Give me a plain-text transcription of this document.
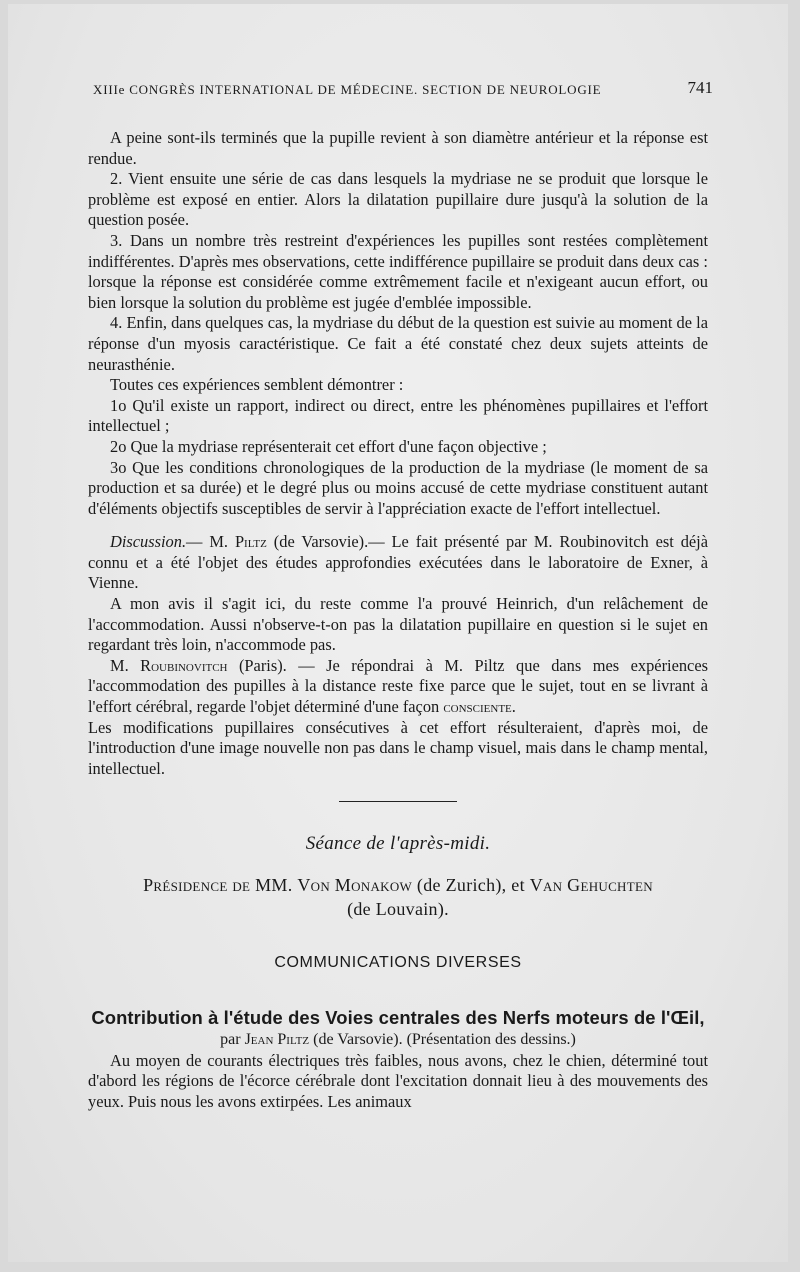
XIIIe CONGRÈS INTERNATIONAL DE MÉDECINE. SECTION DE NEUROLOGIE	741

A peine sont-ils terminés que la pupille revient à son diamètre antérieur et la réponse est rendue.

2. Vient ensuite une série de cas dans lesquels la mydriase ne se produit que lorsque le problème est exposé en entier. Alors la dilatation pupillaire dure jusqu'à la solution de la question posée.

3. Dans un nombre très restreint d'expériences les pupilles sont restées complètement indifférentes. D'après mes observations, cette indifférence pupillaire se produit dans deux cas : lorsque la réponse est considérée comme extrêmement facile et n'exigeant aucun effort, ou bien lorsque la solution du problème est jugée d'emblée impossible.

4. Enfin, dans quelques cas, la mydriase du début de la question est suivie au moment de la réponse d'un myosis caractéristique. Ce fait a été constaté chez deux sujets atteints de neurasthénie.

Toutes ces expériences semblent démontrer :

1o Qu'il existe un rapport, indirect ou direct, entre les phénomènes pupillaires et l'effort intellectuel ;

2o Que la mydriase représenterait cet effort d'une façon objective ;

3o Que les conditions chronologiques de la production de la mydriase (le moment de sa production et sa durée) et le degré plus ou moins accusé de cette mydriase constituent autant d'éléments objectifs susceptibles de servir à l'appréciation exacte de l'effort intellectuel.

Discussion.— M. Piltz (de Varsovie).— Le fait présenté par M. Roubinovitch est déjà connu et a été l'objet des études approfondies exécutées dans le laboratoire de Exner, à Vienne.

A mon avis il s'agit ici, du reste comme l'a prouvé Heinrich, d'un relâchement de l'accommodation. Aussi n'observe-t-on pas la dilatation pupillaire en question si le sujet en regardant très loin, n'accommode pas.

M. Roubinovitch (Paris). — Je répondrai à M. Piltz que dans mes expériences l'accommodation des pupilles à la distance reste fixe parce que le sujet, tout en se livrant à l'effort cérébral, regarde l'objet déterminé d'une façon consciente.

Les modifications pupillaires consécutives à cet effort résulteraient, d'après moi, de l'introduction d'une image nouvelle non pas dans le champ visuel, mais dans le champ mental, intellectuel.

Séance de l'après-midi.
Présidence de MM. Von Monakow (de Zurich), et Van Gehuchten
(de Louvain).
COMMUNICATIONS DIVERSES
Contribution à l'étude des Voies centrales des Nerfs moteurs de l'Œil,
par Jean Piltz (de Varsovie). (Présentation des dessins.)

Au moyen de courants électriques très faibles, nous avons, chez le chien, déterminé tout d'abord les régions de l'écorce cérébrale dont l'excitation donnait lieu à des mouvements des yeux. Puis nous les avons extirpées. Les animaux
